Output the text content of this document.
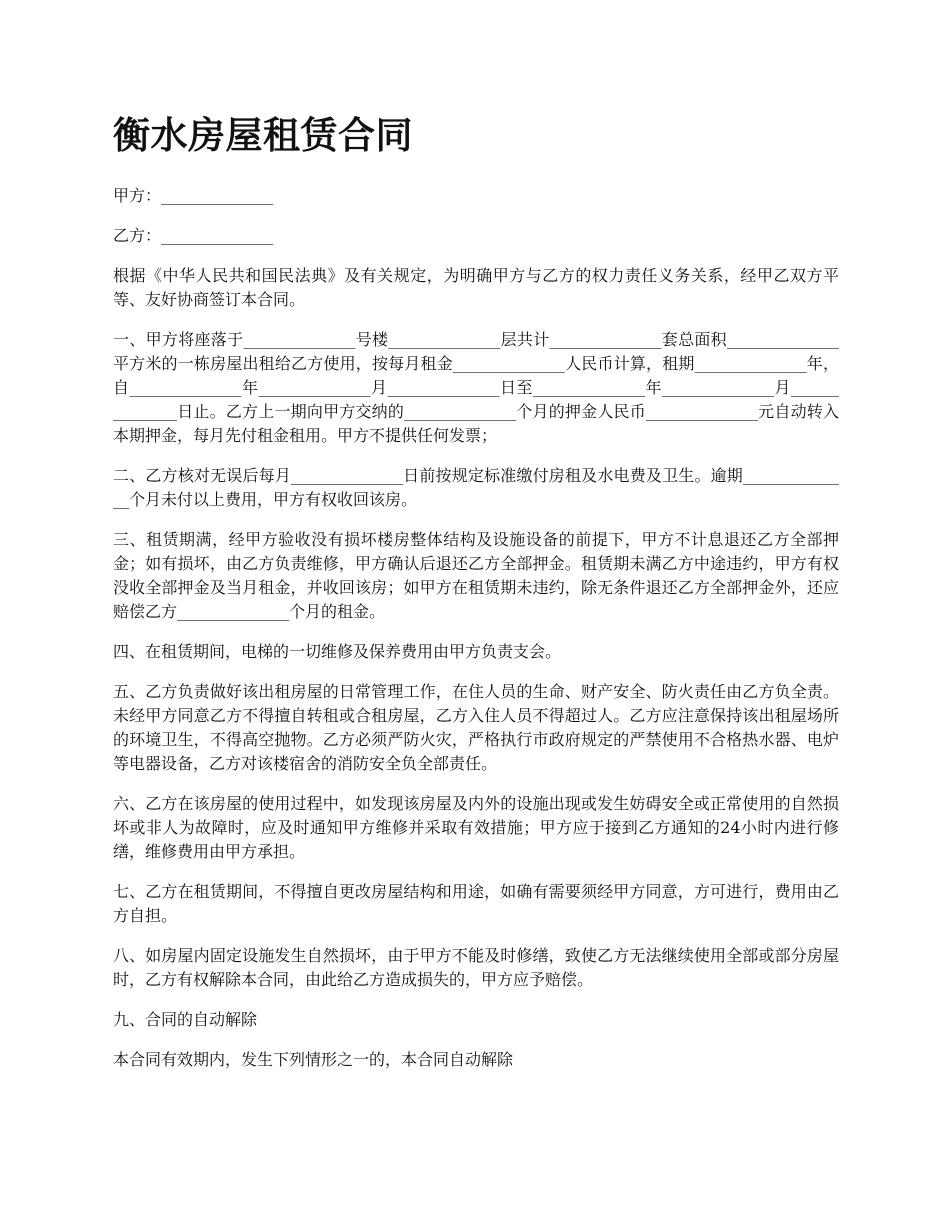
衡水房屋租赁合同

甲方：______________

乙方：______________

根据《中华人民共和国民法典》及有关规定，为明确甲方与乙方的权力责任义务关系，经甲乙双方平等、友好协商签订本合同。

一、甲方将座落于______________号楼______________层共计______________套总面积______________平方米的一栋房屋出租给乙方使用，按每月租金______________人民币计算，租期______________年，自______________年______________月______________日至______________年______________月______________日止。乙方上一期向甲方交纳的______________个月的押金人民币______________元自动转入本期押金，每月先付租金租用。甲方不提供任何发票；

二、乙方核对无误后每月______________日前按规定标准缴付房租及水电费及卫生。逾期______________个月未付以上费用，甲方有权收回该房。

三、租赁期满，经甲方验收没有损坏楼房整体结构及设施设备的前提下，甲方不计息退还乙方全部押金；如有损坏，由乙方负责维修，甲方确认后退还乙方全部押金。租赁期未满乙方中途违约，甲方有权没收全部押金及当月租金，并收回该房；如甲方在租赁期未违约，除无条件退还乙方全部押金外，还应赔偿乙方______________个月的租金。

四、在租赁期间，电梯的一切维修及保养费用由甲方负责支会。

五、乙方负责做好该出租房屋的日常管理工作，在住人员的生命、财产安全、防火责任由乙方负全责。未经甲方同意乙方不得擅自转租或合租房屋，乙方入住人员不得超过人。乙方应注意保持该出租屋场所的环境卫生，不得高空抛物。乙方必须严防火灾，严格执行市政府规定的严禁使用不合格热水器、电炉等电器设备，乙方对该楼宿舍的消防安全负全部责任。

六、乙方在该房屋的使用过程中，如发现该房屋及内外的设施出现或发生妨碍安全或正常使用的自然损坏或非人为故障时，应及时通知甲方维修并采取有效措施；甲方应于接到乙方通知的24小时内进行修缮，维修费用由甲方承担。

七、乙方在租赁期间，不得擅自更改房屋结构和用途，如确有需要须经甲方同意，方可进行，费用由乙方自担。

八、如房屋内固定设施发生自然损坏，由于甲方不能及时修缮，致使乙方无法继续使用全部或部分房屋时，乙方有权解除本合同，由此给乙方造成损失的，甲方应予赔偿。

九、合同的自动解除

本合同有效期内，发生下列情形之一的，本合同自动解除
